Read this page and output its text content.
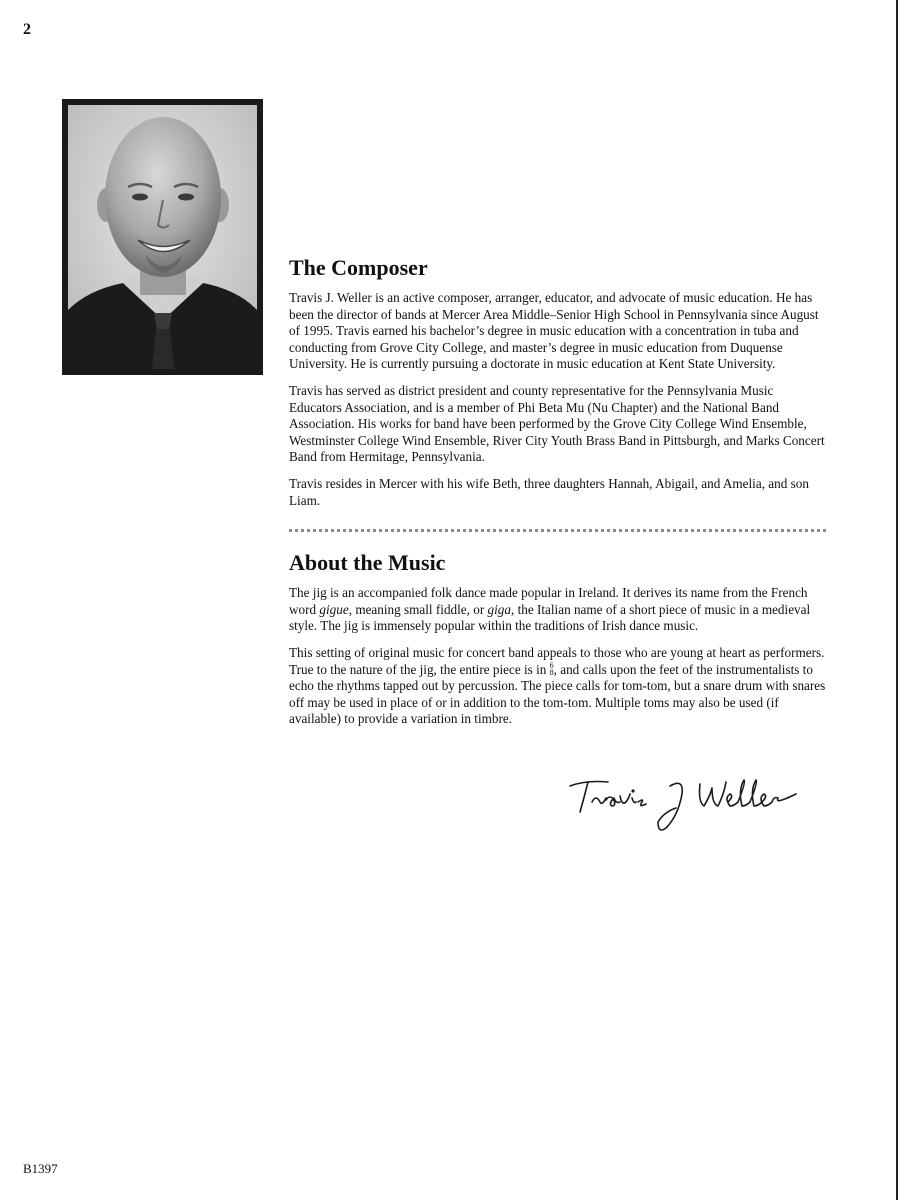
2
The Composer

Travis J. Weller is an active composer, arranger, educator, and advocate of music education. He has been the director of bands at Mercer Area Middle–Senior High School in Pennsylvania since August of 1995. Travis earned his bachelor’s degree in music education with a concentration in tuba and conducting from Grove City College, and master’s degree in music education from Duquense University. He is currently pursuing a doctorate in music education at Kent State University.

Travis has served as district president and county representative for the Pennsylvania Music Educators Association, and is a member of Phi Beta Mu (Nu Chapter) and the National Band Association. His works for band have been performed by the Grove City College Wind Ensemble, Westminster College Wind Ensemble, River City Youth Brass Band in Pittsburgh, and Marks Concert Band from Hermitage, Pennsylvania.

Travis resides in Mercer with his wife Beth, three daughters Hannah, Abigail, and Amelia, and son Liam.

About the Music

The jig is an accompanied folk dance made popular in Ireland. It derives its name from the French word gigue, meaning small fiddle, or giga, the Italian name of a short piece of music in a medieval style. The jig is immensely popular within the traditions of Irish dance music.

This setting of original music for concert band appeals to those who are young at heart as performers. True to the nature of the jig, the entire piece is in 6
8, and calls upon the feet of the instrumentalists to echo the rhythms tapped out by percussion. The piece calls for tom-tom, but a snare drum with snares off may be used in place of or in addition to the tom-tom. Multiple toms may also be used (if available) to provide a variation in timbre.

B1397
